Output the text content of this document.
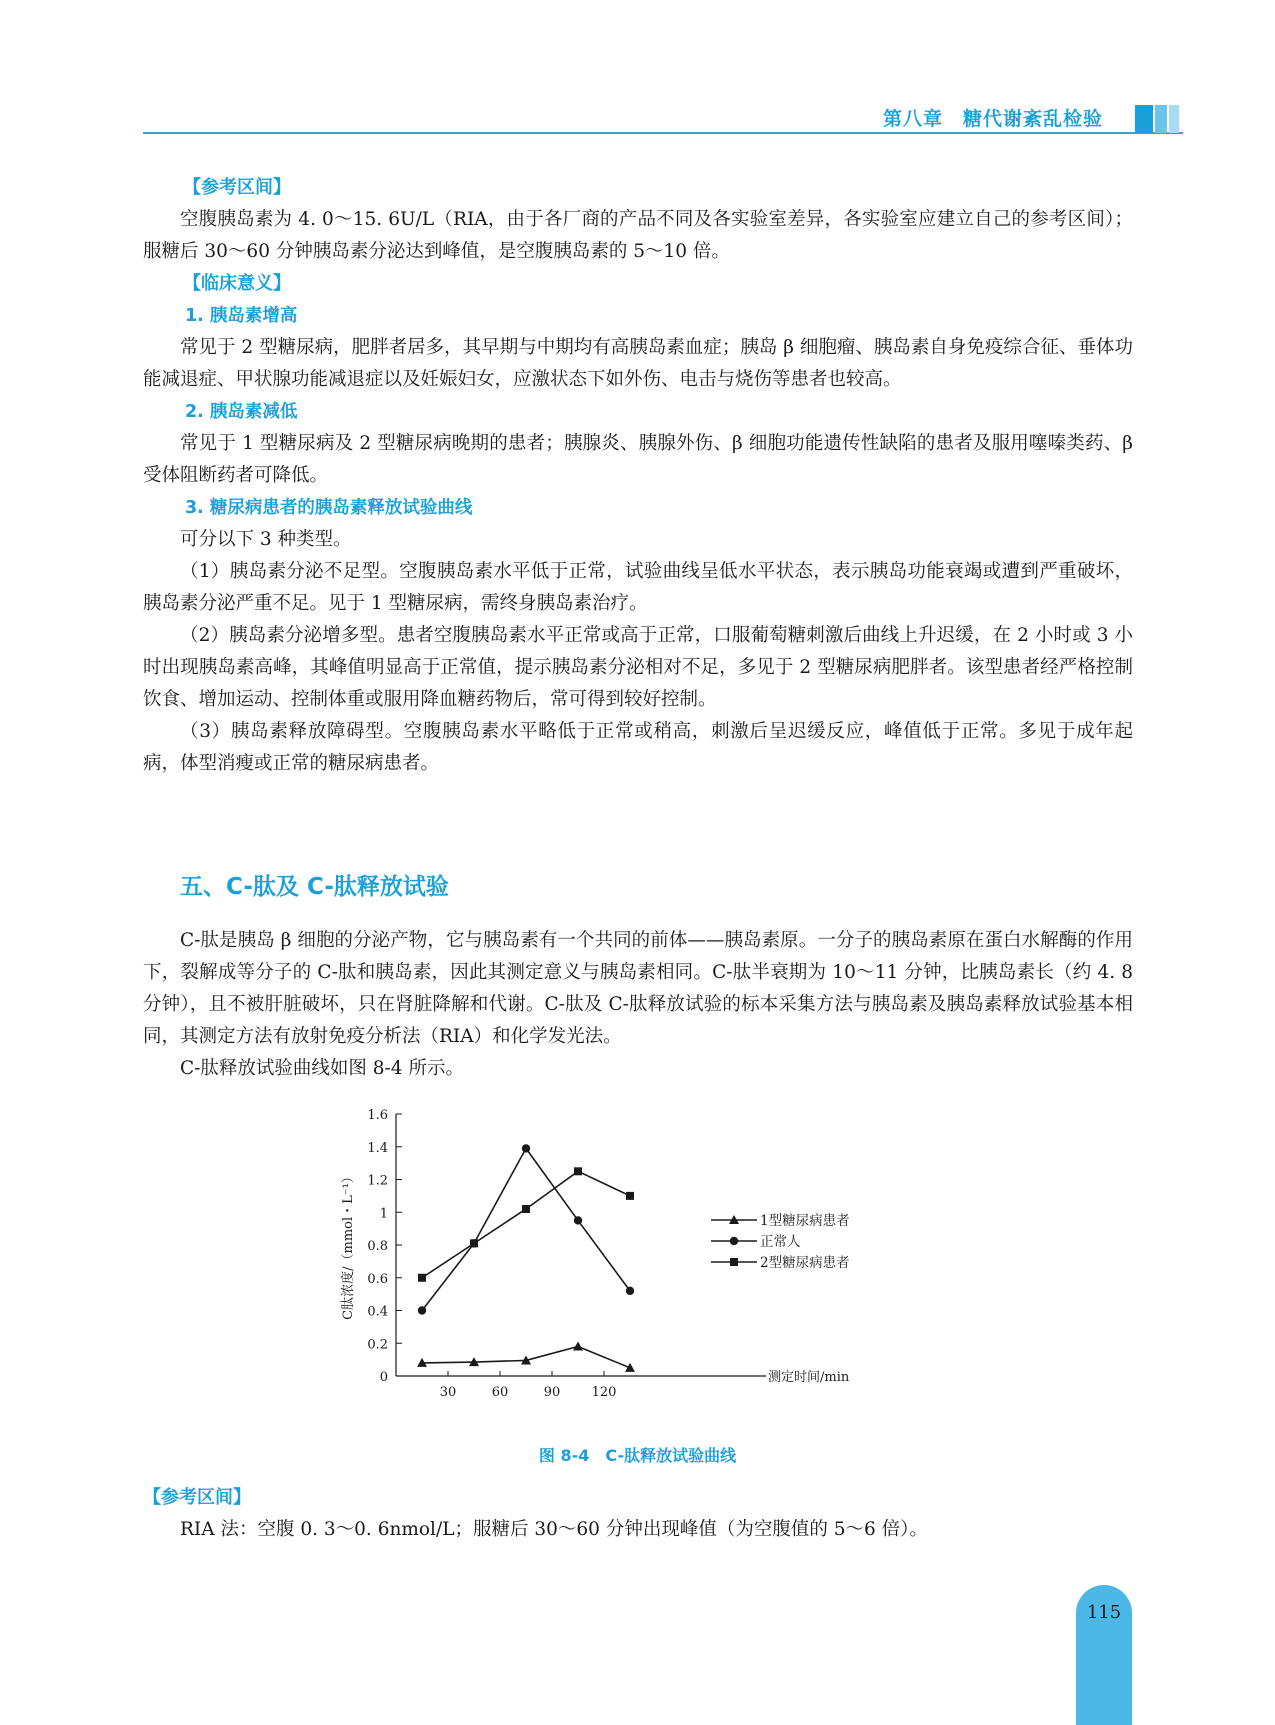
第八章　糖代谢紊乱检验

【参考区间】

空腹胰岛素为 4. 0～15. 6U/L（RIA，由于各厂商的产品不同及各实验室差异，各实验室应建立自己的参考区间）；服糖后 30～60 分钟胰岛素分泌达到峰值，是空腹胰岛素的 5～10 倍。

【临床意义】

1. 胰岛素增高

常见于 2 型糖尿病，肥胖者居多，其早期与中期均有高胰岛素血症；胰岛 β 细胞瘤、胰岛素自身免疫综合征、垂体功能减退症、甲状腺功能减退症以及妊娠妇女，应激状态下如外伤、电击与烧伤等患者也较高。

2. 胰岛素减低

常见于 1 型糖尿病及 2 型糖尿病晚期的患者；胰腺炎、胰腺外伤、β 细胞功能遗传性缺陷的患者及服用噻嗪类药、β 受体阻断药者可降低。

3. 糖尿病患者的胰岛素释放试验曲线

可分以下 3 种类型。

（1）胰岛素分泌不足型。空腹胰岛素水平低于正常，试验曲线呈低水平状态，表示胰岛功能衰竭或遭到严重破坏，胰岛素分泌严重不足。见于 1 型糖尿病，需终身胰岛素治疗。

（2）胰岛素分泌增多型。患者空腹胰岛素水平正常或高于正常，口服葡萄糖刺激后曲线上升迟缓，在 2 小时或 3 小时出现胰岛素高峰，其峰值明显高于正常值，提示胰岛素分泌相对不足，多见于 2 型糖尿病肥胖者。该型患者经严格控制饮食、增加运动、控制体重或服用降血糖药物后，常可得到较好控制。

（3）胰岛素释放障碍型。空腹胰岛素水平略低于正常或稍高，刺激后呈迟缓反应，峰值低于正常。多见于成年起病，体型消瘦或正常的糖尿病患者。

五、C-肽及 C-肽释放试验

C-肽是胰岛 β 细胞的分泌产物，它与胰岛素有一个共同的前体——胰岛素原。一分子的胰岛素原在蛋白水解酶的作用下，裂解成等分子的 C-肽和胰岛素，因此其测定意义与胰岛素相同。C-肽半衰期为 10～11 分钟，比胰岛素长（约 4. 8 分钟），且不被肝脏破坏，只在肾脏降解和代谢。C-肽及 C-肽释放试验的标本采集方法与胰岛素及胰岛素释放试验基本相同，其测定方法有放射免疫分析法（RIA）和化学发光法。

C-肽释放试验曲线如图 8-4 所示。

0
0.2
0.4
0.6
0.8
1
1.2
1.4
1.6
30	60	90 120
测定时间/min
C肽浓度/（mmol・L⁻¹）	1型糖尿病患者
正常人
2型糖尿病患者
图 8-4　C-肽释放试验曲线

【参考区间】

RIA 法：空腹 0. 3～0. 6nmol/L；服糖后 30～60 分钟出现峰值（为空腹值的 5～6 倍）。

115
